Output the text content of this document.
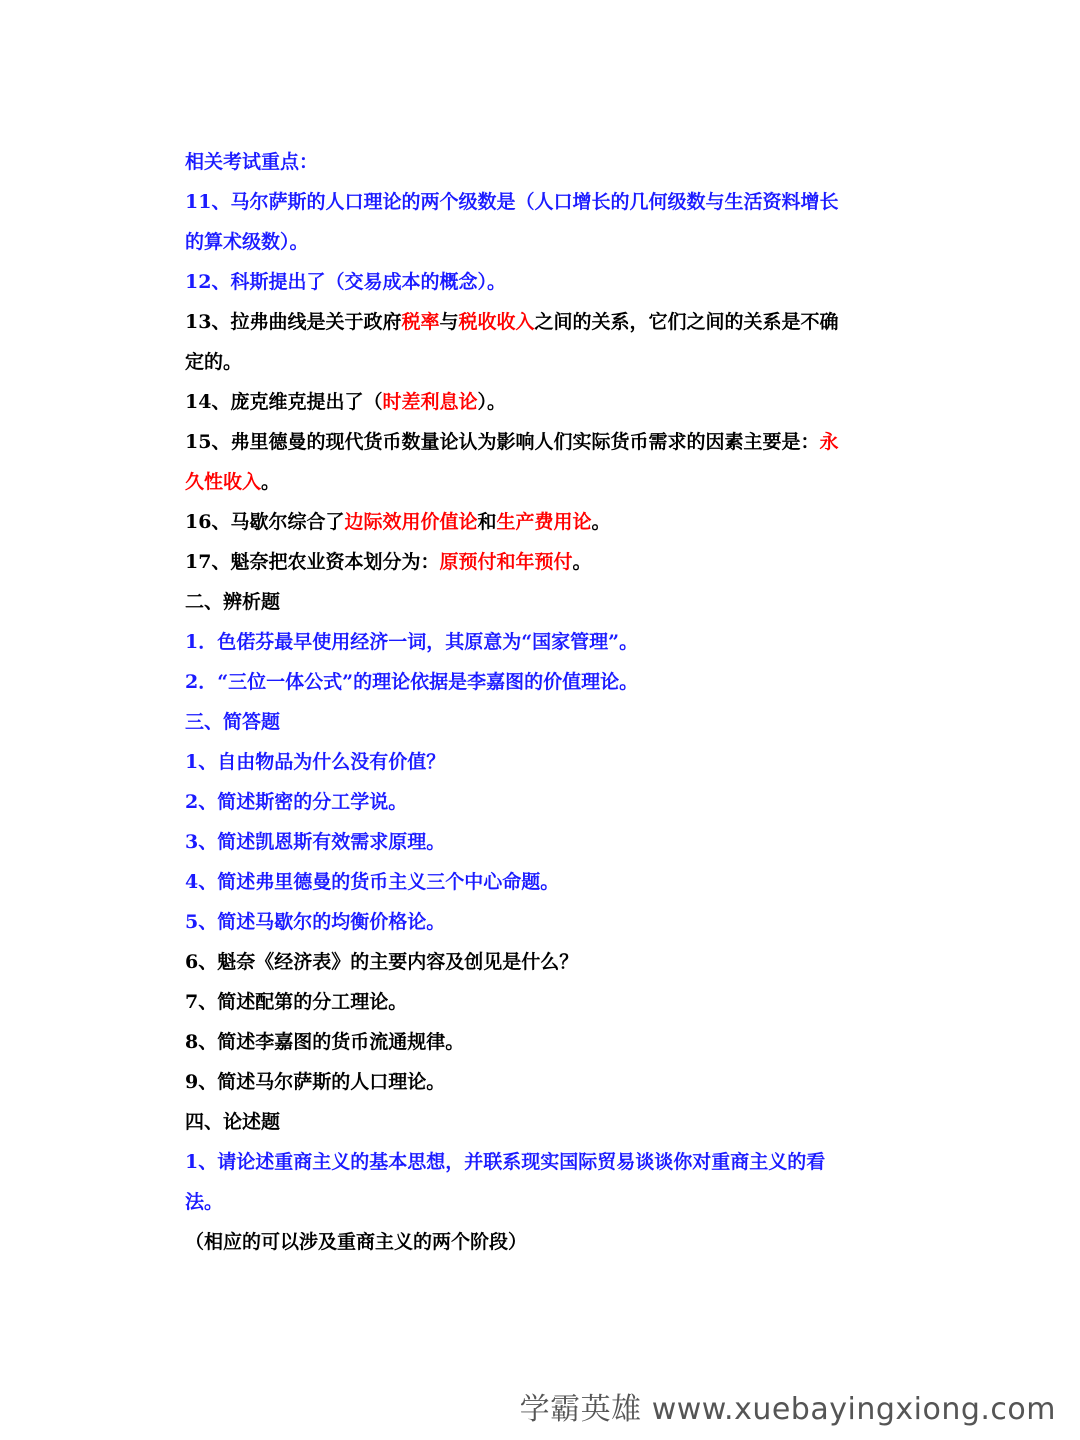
相关考试重点：
11、马尔萨斯的人口理论的两个级数是（人口增长的几何级数与生活资料增长
的算术级数）。
12、科斯提出了（交易成本的概念）。
13、拉弗曲线是关于政府税率与税收收入之间的关系，它们之间的关系是不确
定的。
14、庞克维克提出了（时差利息论）。
15、弗里德曼的现代货币数量论认为影响人们实际货币需求的因素主要是：永
久性收入。
16、马歇尔综合了边际效用价值论和生产费用论。
17、魁奈把农业资本划分为：原预付和年预付。
二、辨析题
1．色偌芬最早使用经济一词，其原意为“国家管理”。
2．“三位一体公式”的理论依据是李嘉图的价值理论。
三、简答题
1、自由物品为什么没有价值？
2、简述斯密的分工学说。
3、简述凯恩斯有效需求原理。
4、简述弗里德曼的货币主义三个中心命题。
5、简述马歇尔的均衡价格论。
6、魁奈《经济表》的主要内容及创见是什么？
7、简述配第的分工理论。
8、简述李嘉图的货币流通规律。
9、简述马尔萨斯的人口理论。
四、论述题
1、请论述重商主义的基本思想，并联系现实国际贸易谈谈你对重商主义的看
法。
（相应的可以涉及重商主义的两个阶段）
学霸英雄 www.xuebayingxiong.com
